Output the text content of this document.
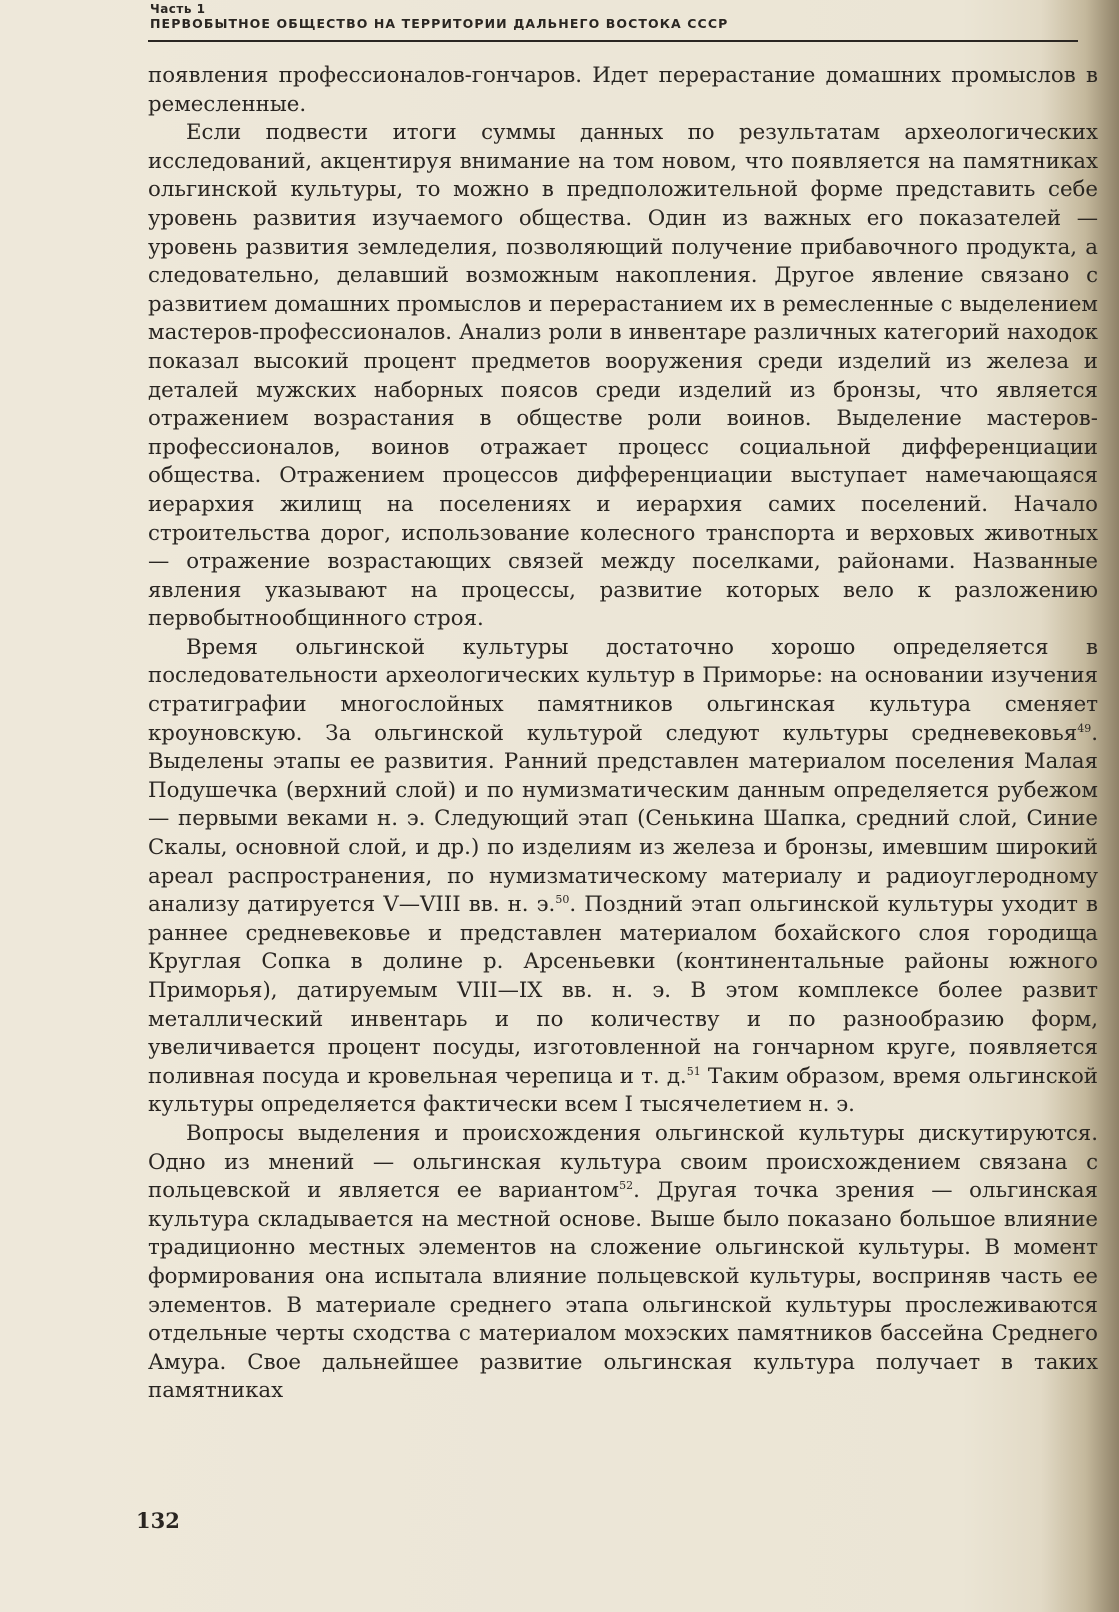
Часть 1
ПЕРВОБЫТНОЕ ОБЩЕСТВО НА ТЕРРИТОРИИ ДАЛЬНЕГО ВОСТОКА СССР

появления профессионалов-гончаров. Идет перерастание домашних промыслов в ремесленные.

Если подвести итоги суммы данных по результатам археологических исследований, акцентируя внимание на том новом, что появляется на памятниках ольгинской культуры, то можно в предположительной форме представить себе уровень развития изучаемого общества. Один из важных его показателей — уровень развития земледелия, позволяющий получение прибавочного продукта, а следовательно, делавший возможным накопления. Другое явление связано с развитием домашних промыслов и перерастанием их в ремесленные с выделением мастеров-профессионалов. Анализ роли в инвентаре различных категорий находок показал высокий процент предметов вооружения среди изделий из железа и деталей мужских наборных поясов среди изделий из бронзы, что является отражением возрастания в обществе роли воинов. Выделение мастеров-профессионалов, воинов отражает процесс социальной дифференциации общества. Отражением процессов дифференциации выступает намечающаяся иерархия жилищ на поселениях и иерархия самих поселений. Начало строительства дорог, использование колесного транспорта и верховых животных — отражение возрастающих связей между поселками, районами. Названные явления указывают на процессы, развитие которых вело к разложению первобытнообщинного строя.

Время ольгинской культуры достаточно хорошо определяется в последовательности археологических культур в Приморье: на основании изучения стратиграфии многослойных памятников ольгинская культура сменяет кроуновскую. За ольгинской культурой следуют культуры средневековья$^{49}$. Выделены этапы ее развития. Ранний представлен материалом поселения Малая Подушечка (верхний слой) и по нумизматическим данным определяется рубежом — первыми веками н. э. Следующий этап (Сенькина Шапка, средний слой, Синие Скалы, основной слой, и др.) по изделиям из железа и бронзы, имевшим широкий ареал распространения, по нумизматическому материалу и радиоуглеродному анализу датируется V—VIII вв. н. э.$^{50}$. Поздний этап ольгинской культуры уходит в раннее средневековье и представлен материалом бохайского слоя городища Круглая Сопка в долине р. Арсеньевки (континентальные районы южного Приморья), датируемым VIII—IX вв. н. э. В этом комплексе более развит металлический инвентарь и по количеству и по разнообразию форм, увеличивается процент посуды, изготовленной на гончарном круге, появляется поливная посуда и кровельная черепица и т. д.$^{51}$ Таким образом, время ольгинской культуры определяется фактически всем I тысячелетием н. э.

Вопросы выделения и происхождения ольгинской культуры дискутируются. Одно из мнений — ольгинская культура своим происхождением связана с польцевской и является ее вариантом$^{52}$. Другая точка зрения — ольгинская культура складывается на местной основе. Выше было показано большое влияние традиционно местных элементов на сложение ольгинской культуры. В момент формирования она испытала влияние польцевской культуры, восприняв часть ее элементов. В материале среднего этапа ольгинской культуры прослеживаются отдельные черты сходства с материалом мохэских памятников бассейна Среднего Амура. Свое дальнейшее развитие ольгинская культура получает в таких памятниках

132
